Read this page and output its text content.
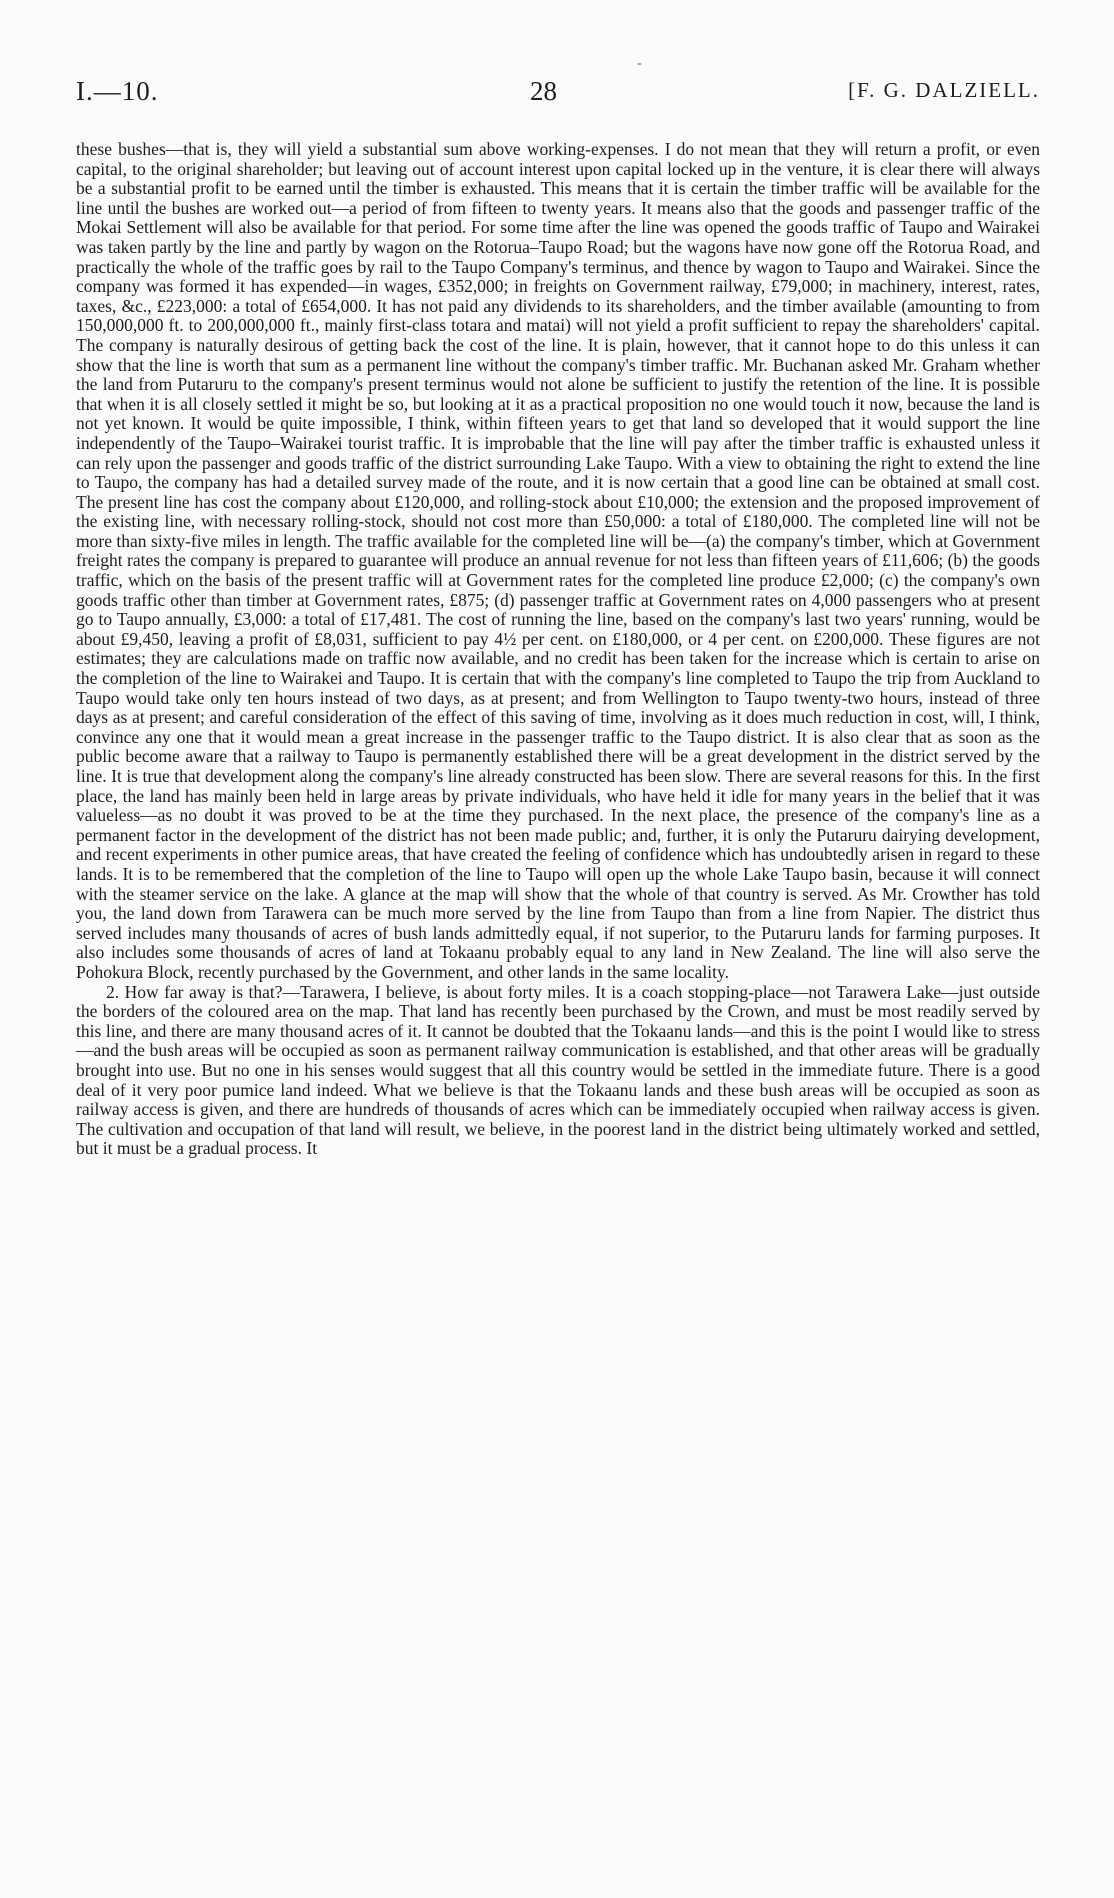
-
I.—10.	28	[F. G. DALZIELL.

these bushes—that is, they will yield a substantial sum above working-expenses. I do not mean that they will return a profit, or even capital, to the original shareholder; but leaving out of account interest upon capital locked up in the venture, it is clear there will always be a substantial profit to be earned until the timber is exhausted. This means that it is certain the timber traffic will be available for the line until the bushes are worked out—a period of from fifteen to twenty years. It means also that the goods and passenger traffic of the Mokai Settlement will also be available for that period. For some time after the line was opened the goods traffic of Taupo and Wairakei was taken partly by the line and partly by wagon on the Rotorua–Taupo Road; but the wagons have now gone off the Rotorua Road, and practically the whole of the traffic goes by rail to the Taupo Company's terminus, and thence by wagon to Taupo and Wairakei. Since the company was formed it has expended—in wages, £352,000; in freights on Government railway, £79,000; in machinery, interest, rates, taxes, &c., £223,000: a total of £654,000. It has not paid any dividends to its shareholders, and the timber available (amounting to from 150,000,000 ft. to 200,000,000 ft., mainly first-class totara and matai) will not yield a profit sufficient to repay the shareholders' capital. The company is naturally desirous of getting back the cost of the line. It is plain, however, that it cannot hope to do this unless it can show that the line is worth that sum as a permanent line without the company's timber traffic. Mr. Buchanan asked Mr. Graham whether the land from Putaruru to the company's present terminus would not alone be sufficient to justify the retention of the line. It is possible that when it is all closely settled it might be so, but looking at it as a practical proposition no one would touch it now, because the land is not yet known. It would be quite impossible, I think, within fifteen years to get that land so developed that it would support the line independently of the Taupo–Wairakei tourist traffic. It is improbable that the line will pay after the timber traffic is exhausted unless it can rely upon the passenger and goods traffic of the district surrounding Lake Taupo. With a view to obtaining the right to extend the line to Taupo, the company has had a detailed survey made of the route, and it is now certain that a good line can be obtained at small cost. The present line has cost the company about £120,000, and rolling-stock about £10,000; the extension and the proposed improvement of the existing line, with necessary rolling-stock, should not cost more than £50,000: a total of £180,000. The completed line will not be more than sixty-five miles in length. The traffic available for the completed line will be—(a) the company's timber, which at Government freight rates the company is prepared to guarantee will produce an annual revenue for not less than fifteen years of £11,606; (b) the goods traffic, which on the basis of the present traffic will at Government rates for the completed line produce £2,000; (c) the company's own goods traffic other than timber at Government rates, £875; (d) passenger traffic at Government rates on 4,000 passengers who at present go to Taupo annually, £3,000: a total of £17,481. The cost of running the line, based on the company's last two years' running, would be about £9,450, leaving a profit of £8,031, sufficient to pay 4½ per cent. on £180,000, or 4 per cent. on £200,000. These figures are not estimates; they are calculations made on traffic now available, and no credit has been taken for the increase which is certain to arise on the completion of the line to Wairakei and Taupo. It is certain that with the company's line completed to Taupo the trip from Auckland to Taupo would take only ten hours instead of two days, as at present; and from Wellington to Taupo twenty-two hours, instead of three days as at present; and careful consideration of the effect of this saving of time, involving as it does much reduction in cost, will, I think, convince any one that it would mean a great increase in the passenger traffic to the Taupo district. It is also clear that as soon as the public become aware that a railway to Taupo is permanently established there will be a great development in the district served by the line. It is true that development along the company's line already constructed has been slow. There are several reasons for this. In the first place, the land has mainly been held in large areas by private individuals, who have held it idle for many years in the belief that it was valueless—as no doubt it was proved to be at the time they purchased. In the next place, the presence of the company's line as a permanent factor in the development of the district has not been made public; and, further, it is only the Putaruru dairying development, and recent experiments in other pumice areas, that have created the feeling of confidence which has undoubtedly arisen in regard to these lands. It is to be remembered that the completion of the line to Taupo will open up the whole Lake Taupo basin, because it will connect with the steamer service on the lake. A glance at the map will show that the whole of that country is served. As Mr. Crowther has told you, the land down from Tarawera can be much more served by the line from Taupo than from a line from Napier. The district thus served includes many thousands of acres of bush lands admittedly equal, if not superior, to the Putaruru lands for farming purposes. It also includes some thousands of acres of land at Tokaanu probably equal to any land in New Zealand. The line will also serve the Pohokura Block, recently purchased by the Government, and other lands in the same locality.

2. How far away is that?—Tarawera, I believe, is about forty miles. It is a coach stopping-place—not Tarawera Lake—just outside the borders of the coloured area on the map. That land has recently been purchased by the Crown, and must be most readily served by this line, and there are many thousand acres of it. It cannot be doubted that the Tokaanu lands—and this is the point I would like to stress—and the bush areas will be occupied as soon as permanent railway communication is established, and that other areas will be gradually brought into use. But no one in his senses would suggest that all this country would be settled in the immediate future. There is a good deal of it very poor pumice land indeed. What we believe is that the Tokaanu lands and these bush areas will be occupied as soon as railway access is given, and there are hundreds of thousands of acres which can be immediately occupied when railway access is given. The cultivation and occupation of that land will result, we believe, in the poorest land in the district being ultimately worked and settled, but it must be a gradual process. It
